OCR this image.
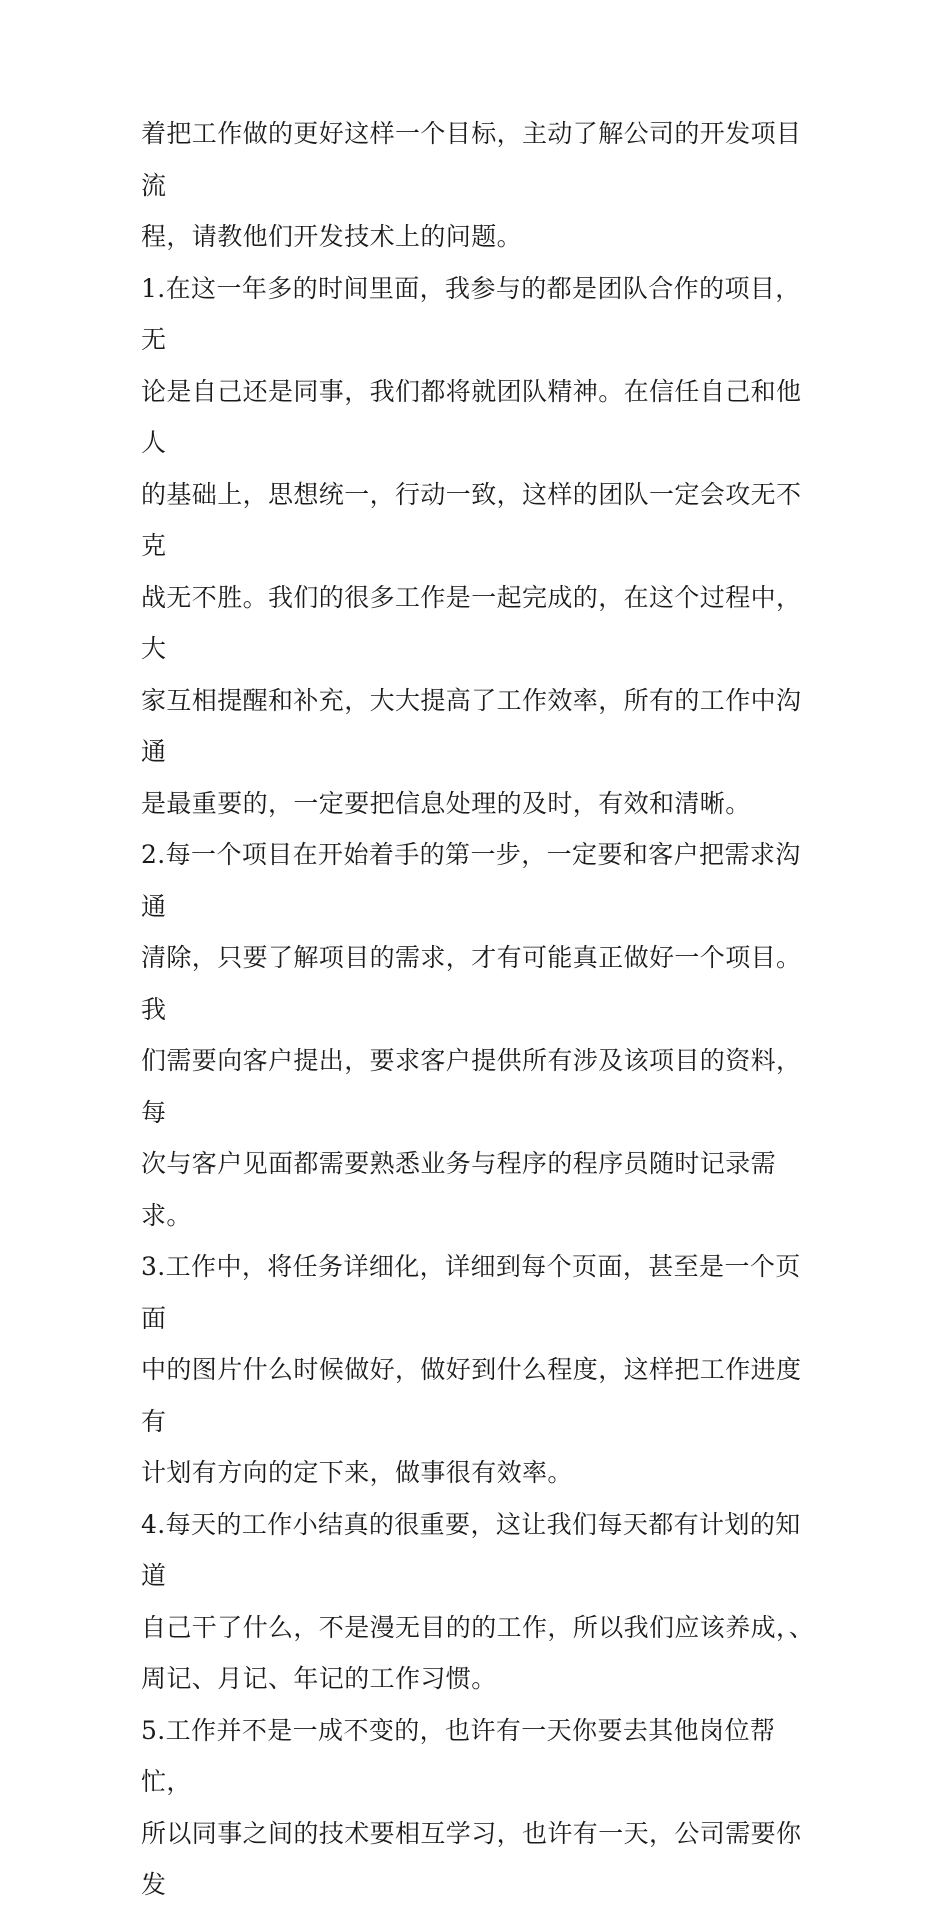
着把工作做的更好这样一个目标，主动了解公司的开发项目流
程，请教他们开发技术上的问题。

1.在这一年多的时间里面，我参与的都是团队合作的项目，无
论是自己还是同事，我们都将就团队精神。在信任自己和他人
的基础上，思想统一，行动一致，这样的团队一定会攻无不克
战无不胜。我们的很多工作是一起完成的，在这个过程中，大
家互相提醒和补充，大大提高了工作效率，所有的工作中沟通
是最重要的，一定要把信息处理的及时，有效和清晰。

2.每一个项目在开始着手的第一步，一定要和客户把需求沟通
清除，只要了解项目的需求，才有可能真正做好一个项目。我
们需要向客户提出，要求客户提供所有涉及该项目的资料，每
次与客户见面都需要熟悉业务与程序的程序员随时记录需求。

3.工作中，将任务详细化，详细到每个页面，甚至是一个页面
中的图片什么时候做好，做好到什么程度，这样把工作进度有
计划有方向的定下来，做事很有效率。

4.每天的工作小结真的很重要，这让我们每天都有计划的知道
自己干了什么，不是漫无目的的工作，所以我们应该养成，、
周记、月记、年记的工作习惯。

5.工作并不是一成不变的，也许有一天你要去其他岗位帮忙，
所以同事之间的技术要相互学习，也许有一天，公司需要你发
